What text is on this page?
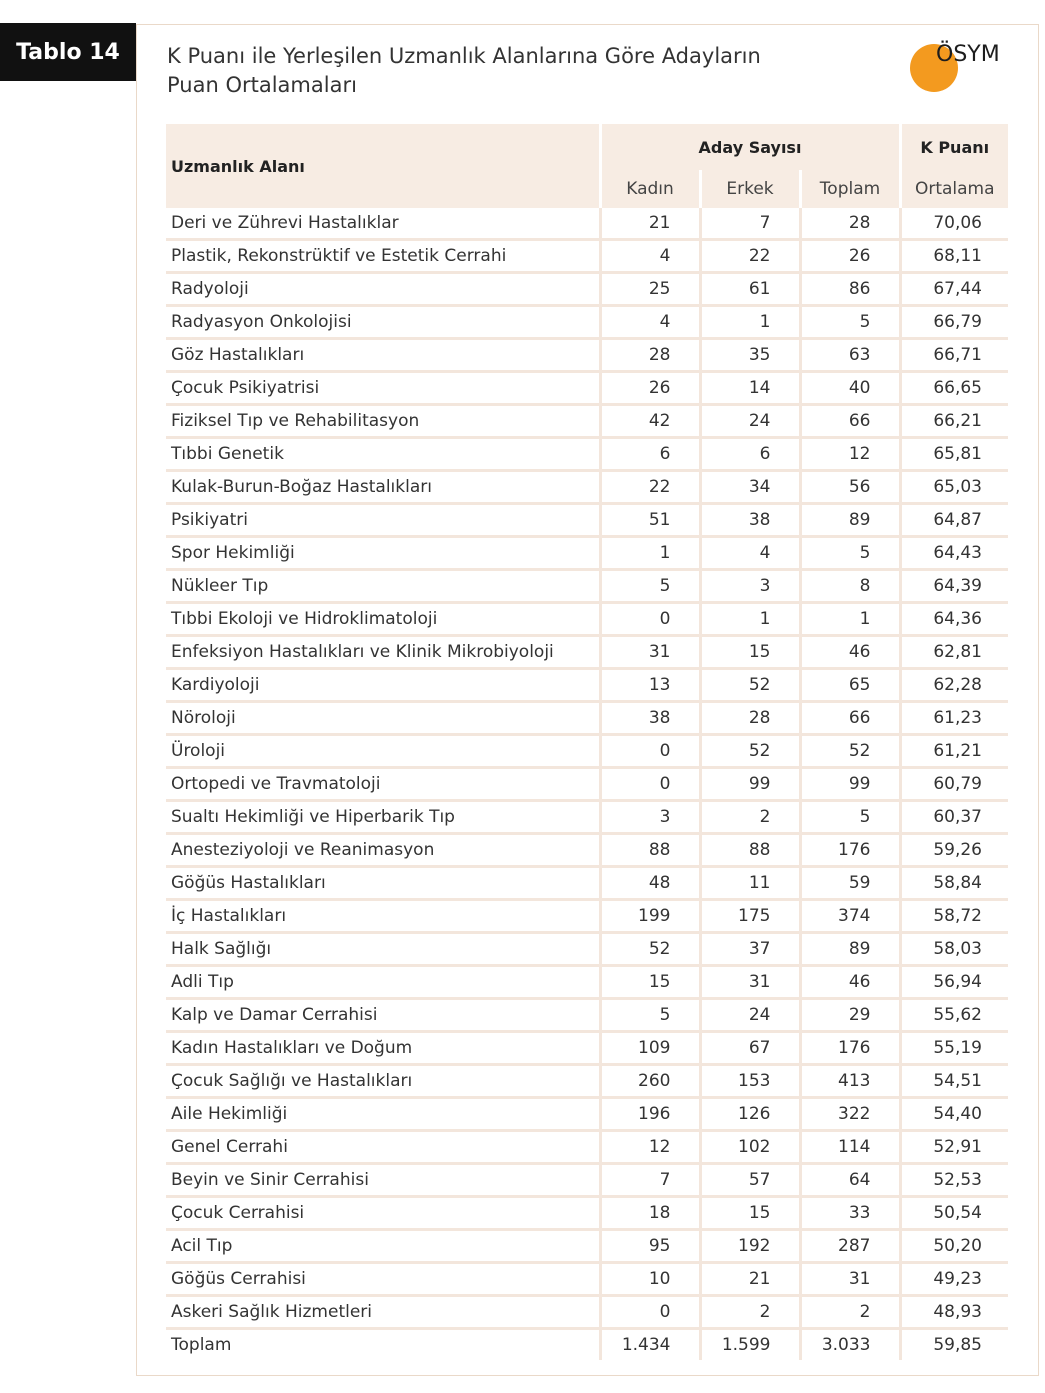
Tablo 14	K Puanı ile Yerleşilen Uzmanlık Alanlarına Göre Adayların
Puan Ortalamaları
ÖSYM
Uzmanlık Alanı	Aday Sayısı			K Puanı
	Kadın	Erkek	Toplam	Ortalama
Deri ve Zührevi Hastalıklar	21	7	28	70,06
Plastik, Rekonstrüktif ve Estetik Cerrahi	4	22	26	68,11
Radyoloji	25	61	86	67,44
Radyasyon Onkolojisi	4	1	5	66,79
Göz Hastalıkları	28	35	63	66,71
Çocuk Psikiyatrisi	26	14	40	66,65
Fiziksel Tıp ve Rehabilitasyon	42	24	66	66,21
Tıbbi Genetik	6	6	12	65,81
Kulak-Burun-Boğaz Hastalıkları	22	34	56	65,03
Psikiyatri	51	38	89	64,87
Spor Hekimliği	1	4	5	64,43
Nükleer Tıp	5	3	8	64,39
Tıbbi Ekoloji ve Hidroklimatoloji	0	1	1	64,36
Enfeksiyon Hastalıkları ve Klinik Mikrobiyoloji	31	15	46	62,81
Kardiyoloji	13	52	65	62,28
Nöroloji	38	28	66	61,23
Üroloji	0	52	52	61,21
Ortopedi ve Travmatoloji	0	99	99	60,79
Sualtı Hekimliği ve Hiperbarik Tıp	3	2	5	60,37
Anesteziyoloji ve Reanimasyon	88	88	176	59,26
Göğüs Hastalıkları	48	11	59	58,84
İç Hastalıkları	199	175	374	58,72
Halk Sağlığı	52	37	89	58,03
Adli Tıp	15	31	46	56,94
Kalp ve Damar Cerrahisi	5	24	29	55,62
Kadın Hastalıkları ve Doğum	109	67	176	55,19
Çocuk Sağlığı ve Hastalıkları	260	153	413	54,51
Aile Hekimliği	196	126	322	54,40
Genel Cerrahi	12	102	114	52,91
Beyin ve Sinir Cerrahisi	7	57	64	52,53
Çocuk Cerrahisi	18	15	33	50,54
Acil Tıp	95	192	287	50,20
Göğüs Cerrahisi	10	21	31	49,23
Askeri Sağlık Hizmetleri	0	2	2	48,93
Toplam	1.434	1.599	3.033	59,85
